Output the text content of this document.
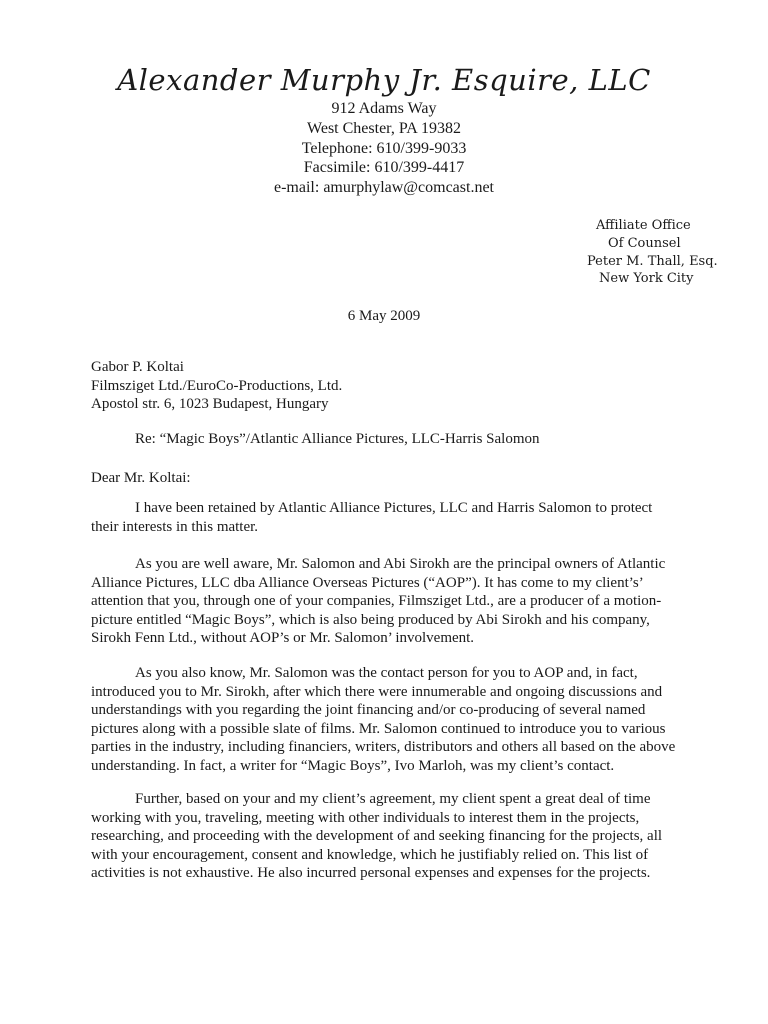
Alexander Murphy Jr. Esquire, LLC
912 Adams Way
West Chester, PA 19382
Telephone: 610/399-9033
Facsimile: 610/399-4417
e-mail: amurphylaw@comcast.net
Affiliate Office
Of Counsel
Peter M. Thall, Esq.
New York City
6 May 2009
Gabor P. Koltai
Filmsziget Ltd./EuroCo-Productions, Ltd.
Apostol str. 6, 1023 Budapest, Hungary
Re: “Magic Boys”/Atlantic Alliance Pictures, LLC-Harris Salomon
Dear Mr. Koltai:
I have been retained by Atlantic Alliance Pictures, LLC and Harris Salomon to protect
their interests in this matter.
As you are well aware, Mr. Salomon and Abi Sirokh are the principal owners of Atlantic
Alliance Pictures, LLC dba Alliance Overseas Pictures (“AOP”). It has come to my client’s’
attention that you, through one of your companies, Filmsziget Ltd., are a producer of a motion-
picture entitled “Magic Boys”, which is also being produced by Abi Sirokh and his company,
Sirokh Fenn Ltd., without AOP’s or Mr. Salomon’ involvement.
As you also know, Mr. Salomon was the contact person for you to AOP and, in fact,
introduced you to Mr. Sirokh, after which there were innumerable and ongoing discussions and
understandings with you regarding the joint financing and/or co-producing of several named
pictures along with a possible slate of films. Mr. Salomon continued to introduce you to various
parties in the industry, including financiers, writers, distributors and others all based on the above
understanding. In fact, a writer for “Magic Boys”, Ivo Marloh, was my client’s contact.
Further, based on your and my client’s agreement, my client spent a great deal of time
working with you, traveling, meeting with other individuals to interest them in the projects,
researching, and proceeding with the development of and seeking financing for the projects, all
with your encouragement, consent and knowledge, which he justifiably relied on. This list of
activities is not exhaustive. He also incurred personal expenses and expenses for the projects.
